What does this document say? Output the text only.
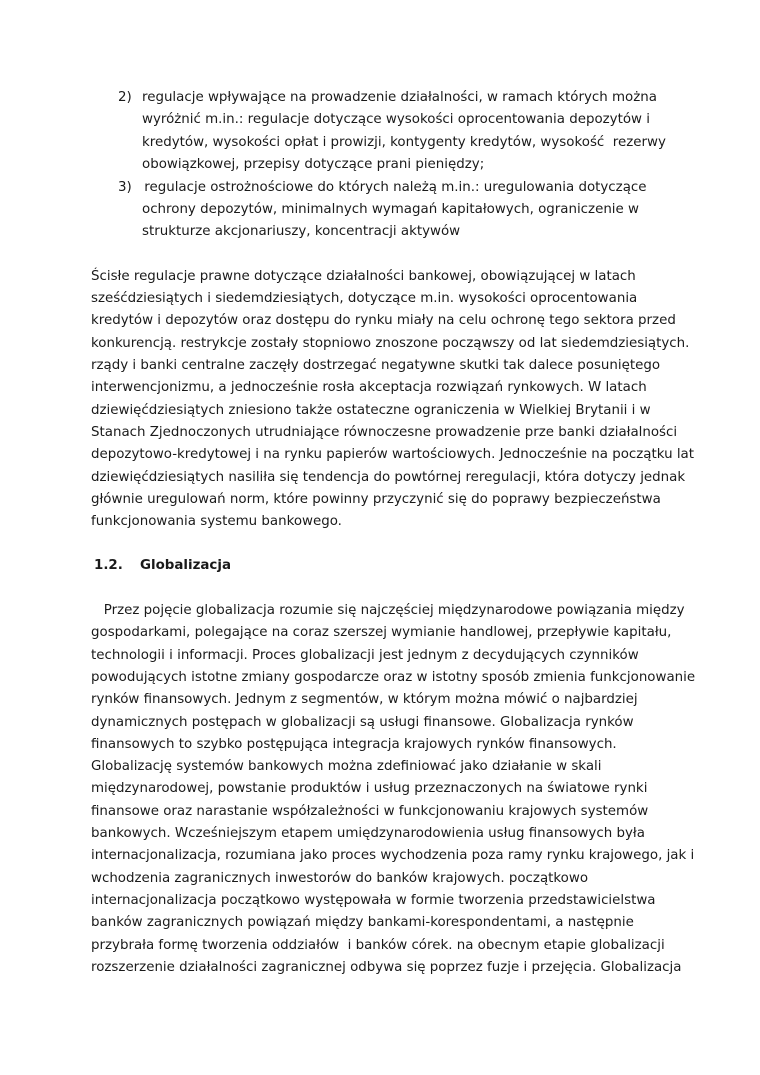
2) regulacje wpływające na prowadzenie działalności, w ramach których można
wyróżnić m.in.: regulacje dotyczące wysokości oprocentowania depozytów i
kredytów, wysokości opłat i prowizji, kontygenty kredytów, wysokość  rezerwy
obowiązkowej, przepisy dotyczące prani pieniędzy;
3) regulacje ostrożnościowe do których należą m.in.: uregulowania dotyczące
ochrony depozytów, minimalnych wymagań kapitałowych, ograniczenie w
strukturze akcjonariuszy, koncentracji aktywów
Ścisłe regulacje prawne dotyczące działalności bankowej, obowiązującej w latach
sześćdziesiątych i siedemdziesiątych, dotyczące m.in. wysokości oprocentowania
kredytów i depozytów oraz dostępu do rynku miały na celu ochronę tego sektora przed
konkurencją. restrykcje zostały stopniowo znoszone począwszy od lat siedemdziesiątych.
rządy i banki centralne zaczęły dostrzegać negatywne skutki tak dalece posuniętego
interwencjonizmu, a jednocześnie rosła akceptacja rozwiązań rynkowych. W latach
dziewięćdziesiątych zniesiono także ostateczne ograniczenia w Wielkiej Brytanii i w
Stanach Zjednoczonych utrudniające równoczesne prowadzenie prze banki działalności
depozytowo-kredytowej i na rynku papierów wartościowych. Jednocześnie na początku lat
dziewięćdziesiątych nasiliła się tendencja do powtórnej reregulacji, która dotyczy jednak
głównie uregulowań norm, które powinny przyczynić się do poprawy bezpieczeństwa
funkcjonowania systemu bankowego.
1.2. Globalizacja
Przez pojęcie globalizacja rozumie się najczęściej międzynarodowe powiązania między
gospodarkami, polegające na coraz szerszej wymianie handlowej, przepływie kapitału,
technologii i informacji. Proces globalizacji jest jednym z decydujących czynników
powodujących istotne zmiany gospodarcze oraz w istotny sposób zmienia funkcjonowanie
rynków finansowych. Jednym z segmentów, w którym można mówić o najbardziej
dynamicznych postępach w globalizacji są usługi finansowe. Globalizacja rynków
finansowych to szybko postępująca integracja krajowych rynków finansowych.
Globalizację systemów bankowych można zdefiniować jako działanie w skali
międzynarodowej, powstanie produktów i usług przeznaczonych na światowe rynki
finansowe oraz narastanie współzależności w funkcjonowaniu krajowych systemów
bankowych. Wcześniejszym etapem umiędzynarodowienia usług finansowych była
internacjonalizacja, rozumiana jako proces wychodzenia poza ramy rynku krajowego, jak i
wchodzenia zagranicznych inwestorów do banków krajowych. początkowo
internacjonalizacja początkowo występowała w formie tworzenia przedstawicielstwa
banków zagranicznych powiązań między bankami-korespondentami, a następnie
przybrała formę tworzenia oddziałów  i banków córek. na obecnym etapie globalizacji
rozszerzenie działalności zagranicznej odbywa się poprzez fuzje i przejęcia. Globalizacja
